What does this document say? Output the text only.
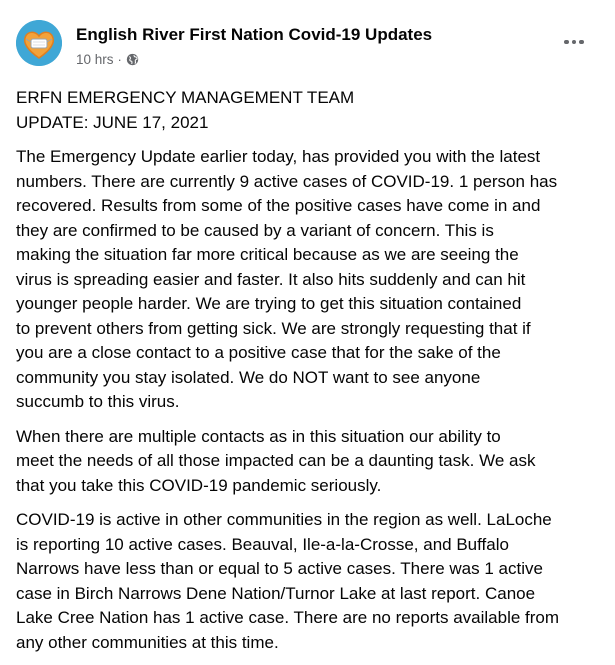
English River First Nation Covid-19 Updates
10 hrs ·

ERFN EMERGENCY MANAGEMENT TEAM
UPDATE: JUNE 17, 2021

The Emergency Update earlier today, has provided you with the latest
numbers. There are currently 9 active cases of COVID-19. 1 person has
recovered. Results from some of the positive cases have come in and
they are confirmed to be caused by a variant of concern. This is
making the situation far more critical because as we are seeing the
virus is spreading easier and faster. It also hits suddenly and can hit
younger people harder. We are trying to get this situation contained
to prevent others from getting sick. We are strongly requesting that if
you are a close contact to a positive case that for the sake of the
community you stay isolated. We do NOT want to see anyone
succumb to this virus.

When there are multiple contacts as in this situation our ability to
meet the needs of all those impacted can be a daunting task. We ask
that you take this COVID-19 pandemic seriously.

COVID-19 is active in other communities in the region as well. LaLoche
is reporting 10 active cases. Beauval, Ile-a-la-Crosse, and Buffalo
Narrows have less than or equal to 5 active cases. There was 1 active
case in Birch Narrows Dene Nation/Turnor Lake at last report. Canoe
Lake Cree Nation has 1 active case. There are no reports available from
any other communities at this time.
